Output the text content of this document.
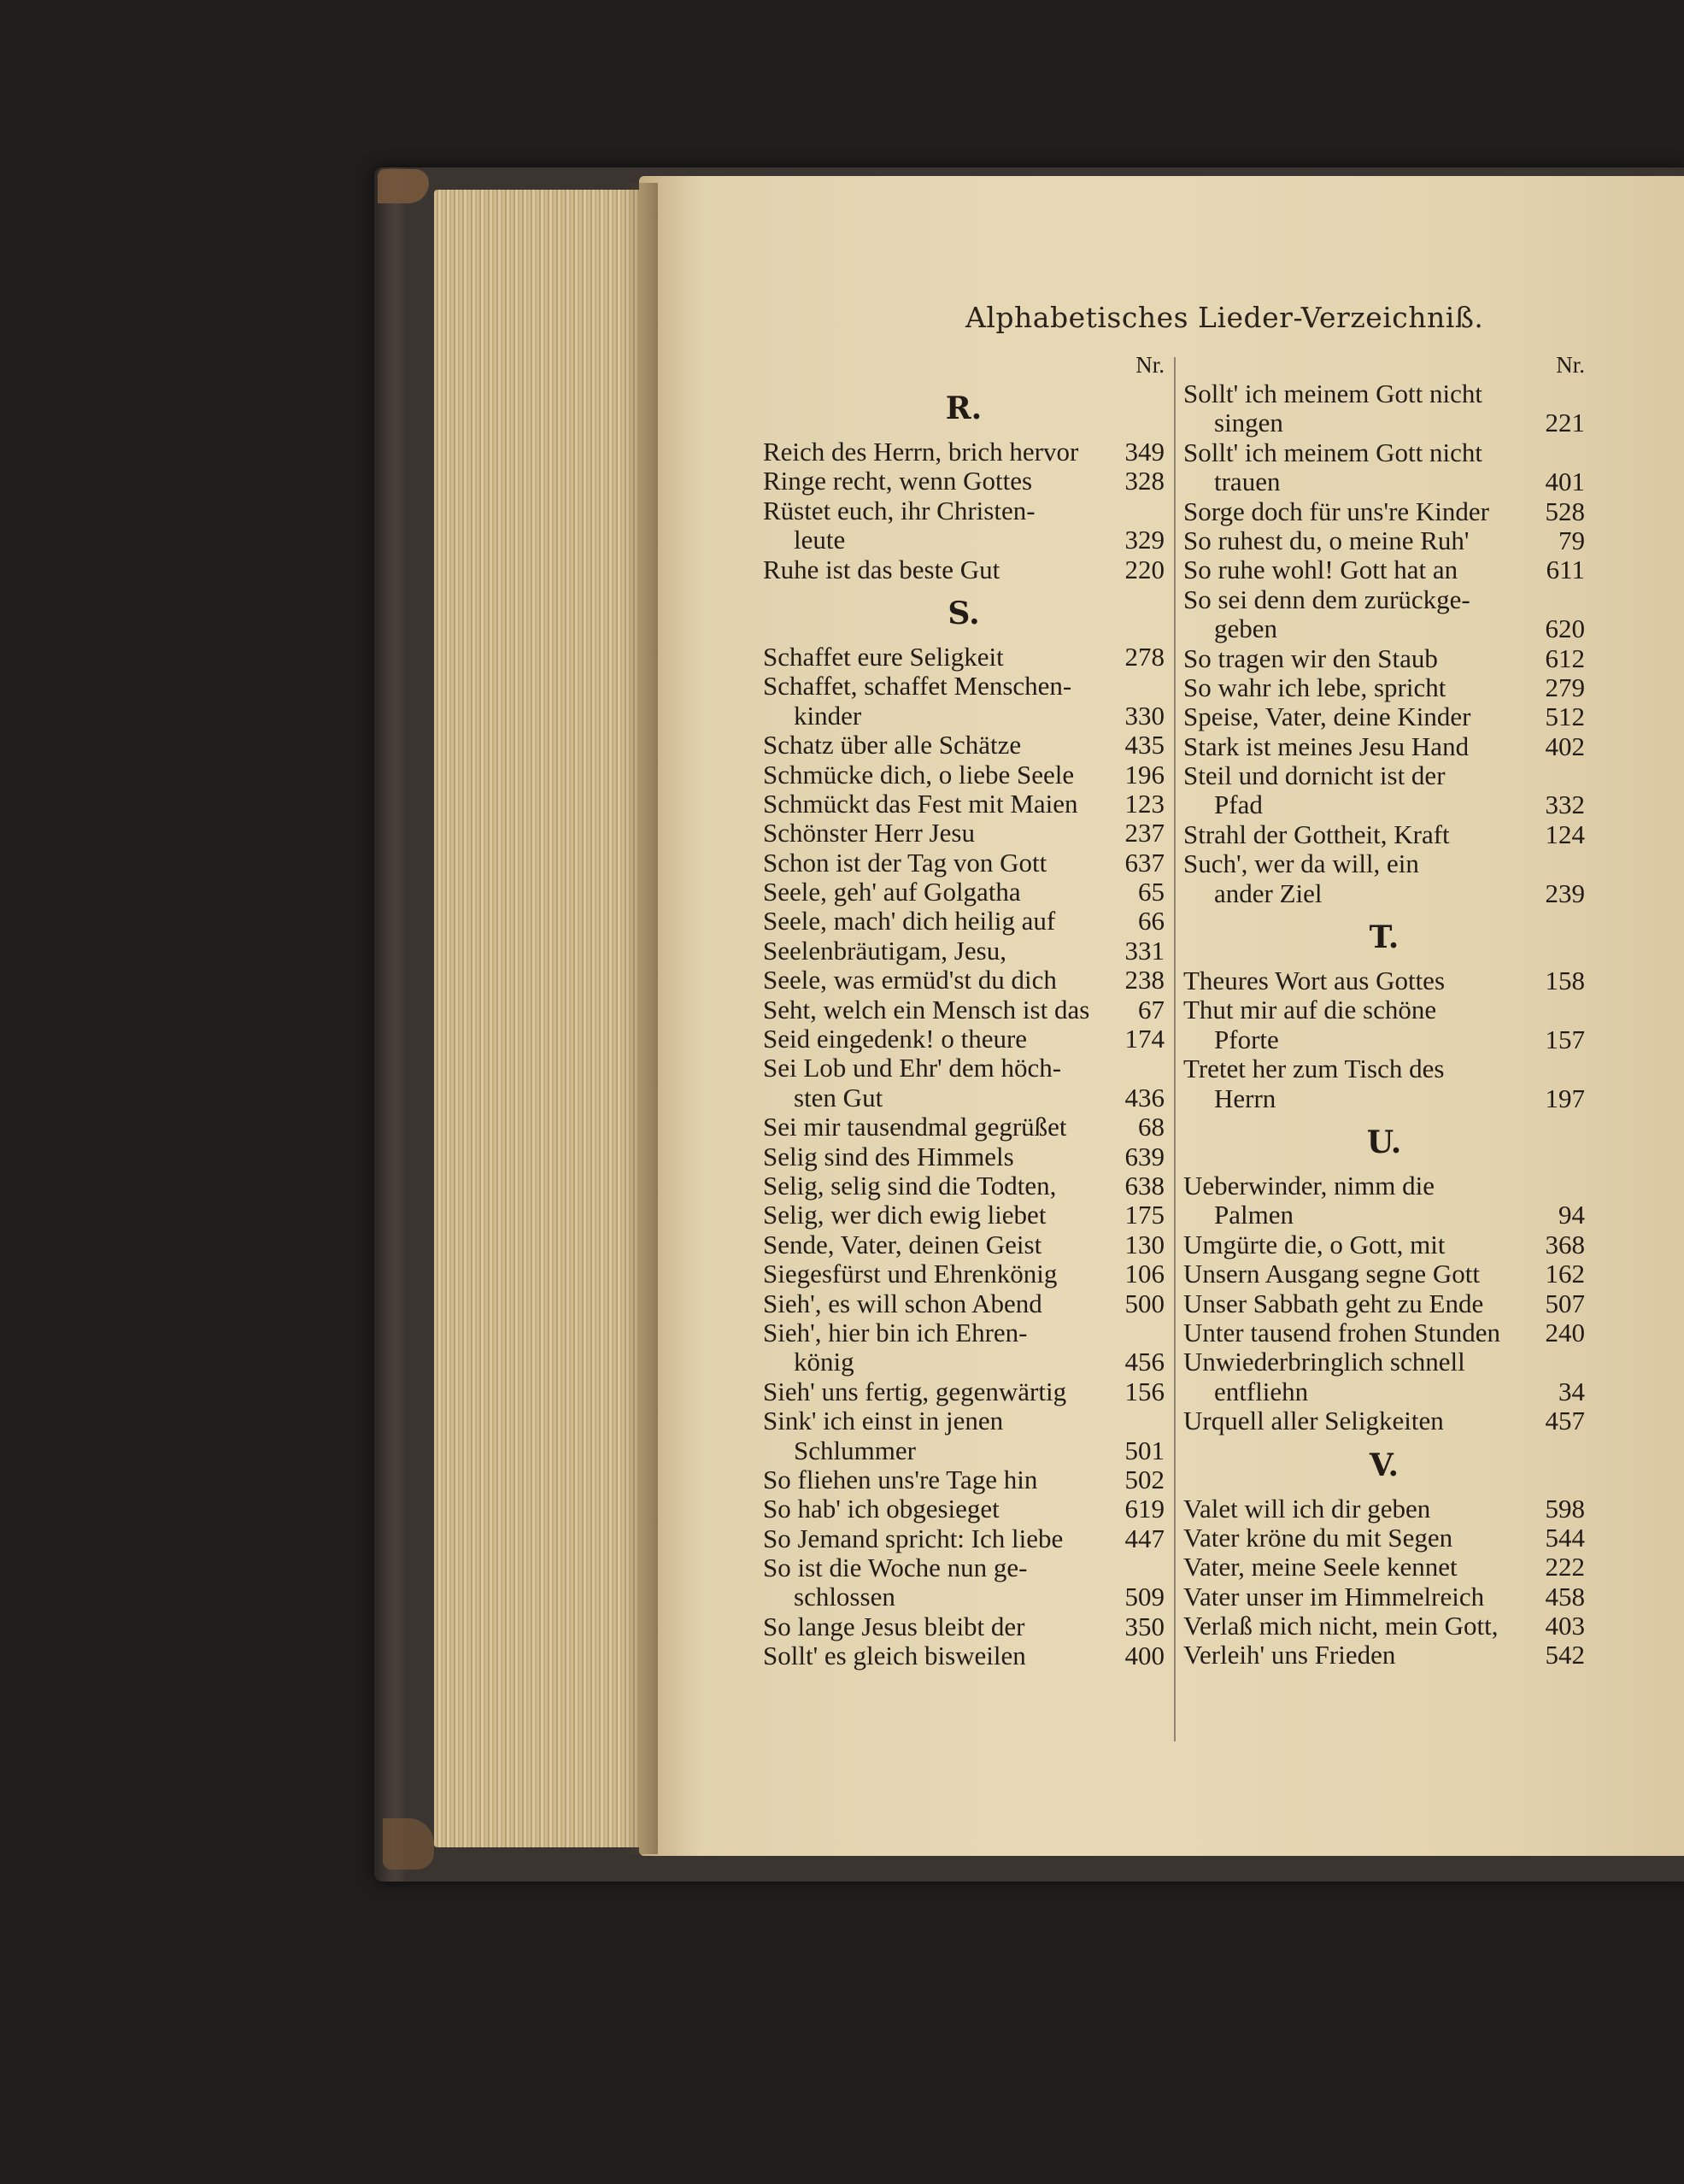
Alphabetisches Lieder-Verzeichniß.
Nr.
R.
Reich des Herrn, brich hervor 349
Ringe recht, wenn Gottes	328
Rüstet euch, ihr Christen-
leute	329
Ruhe ist das beste Gut	220
S.
Schaffet eure Seligkeit	278
Schaffet, schaffet Menschen-
kinder	330
Schatz über alle Schätze	435
Schmücke dich, o liebe Seele 196
Schmückt das Fest mit Maien 123
Schönster Herr Jesu	237
Schon ist der Tag von Gott	637
Seele, geh' auf Golgatha	65
Seele, mach' dich heilig auf	66
Seelenbräutigam, Jesu,	331
Seele, was ermüd'st du dich	238
Seht, welch ein Mensch ist das 67
Seid eingedenk! o theure	174
Sei Lob und Ehr' dem höch-
sten Gut	436
Sei mir tausendmal gegrüßet	68
Selig sind des Himmels	639
Selig, selig sind die Todten,	638
Selig, wer dich ewig liebet	175
Sende, Vater, deinen Geist	130
Siegesfürst und Ehrenkönig	106
Sieh', es will schon Abend	500
Sieh', hier bin ich Ehren-
könig	456
Sieh' uns fertig, gegenwärtig 156
Sink' ich einst in jenen
Schlummer	501
So fliehen uns're Tage hin	502
So hab' ich obgesieget	619
So Jemand spricht: Ich liebe 447
So ist die Woche nun ge-
schlossen	509
So lange Jesus bleibt der	350
Sollt' es gleich bisweilen	400
Nr.
Sollt' ich meinem Gott nicht
singen	221
Sollt' ich meinem Gott nicht
trauen	401
Sorge doch für uns're Kinder 528
So ruhest du, o meine Ruh'	79
So ruhe wohl! Gott hat an	611
So sei denn dem zurückge-
geben	620
So tragen wir den Staub	612
So wahr ich lebe, spricht	279
Speise, Vater, deine Kinder	512
Stark ist meines Jesu Hand	402
Steil und dornicht ist der
Pfad	332
Strahl der Gottheit, Kraft	124
Such', wer da will, ein
ander Ziel	239
T.
Theures Wort aus Gottes	158
Thut mir auf die schöne
Pforte	157
Tretet her zum Tisch des
Herrn	197
U.
Ueberwinder, nimm die
Palmen	94
Umgürte die, o Gott, mit	368
Unsern Ausgang segne Gott 162
Unser Sabbath geht zu Ende 507
Unter tausend frohen Stunden 240
Unwiederbringlich schnell
entfliehn	34
Urquell aller Seligkeiten	457
V.
Valet will ich dir geben	598
Vater kröne du mit Segen	544
Vater, meine Seele kennet	222
Vater unser im Himmelreich 458
Verlaß mich nicht, mein Gott, 403
Verleih' uns Frieden	542
